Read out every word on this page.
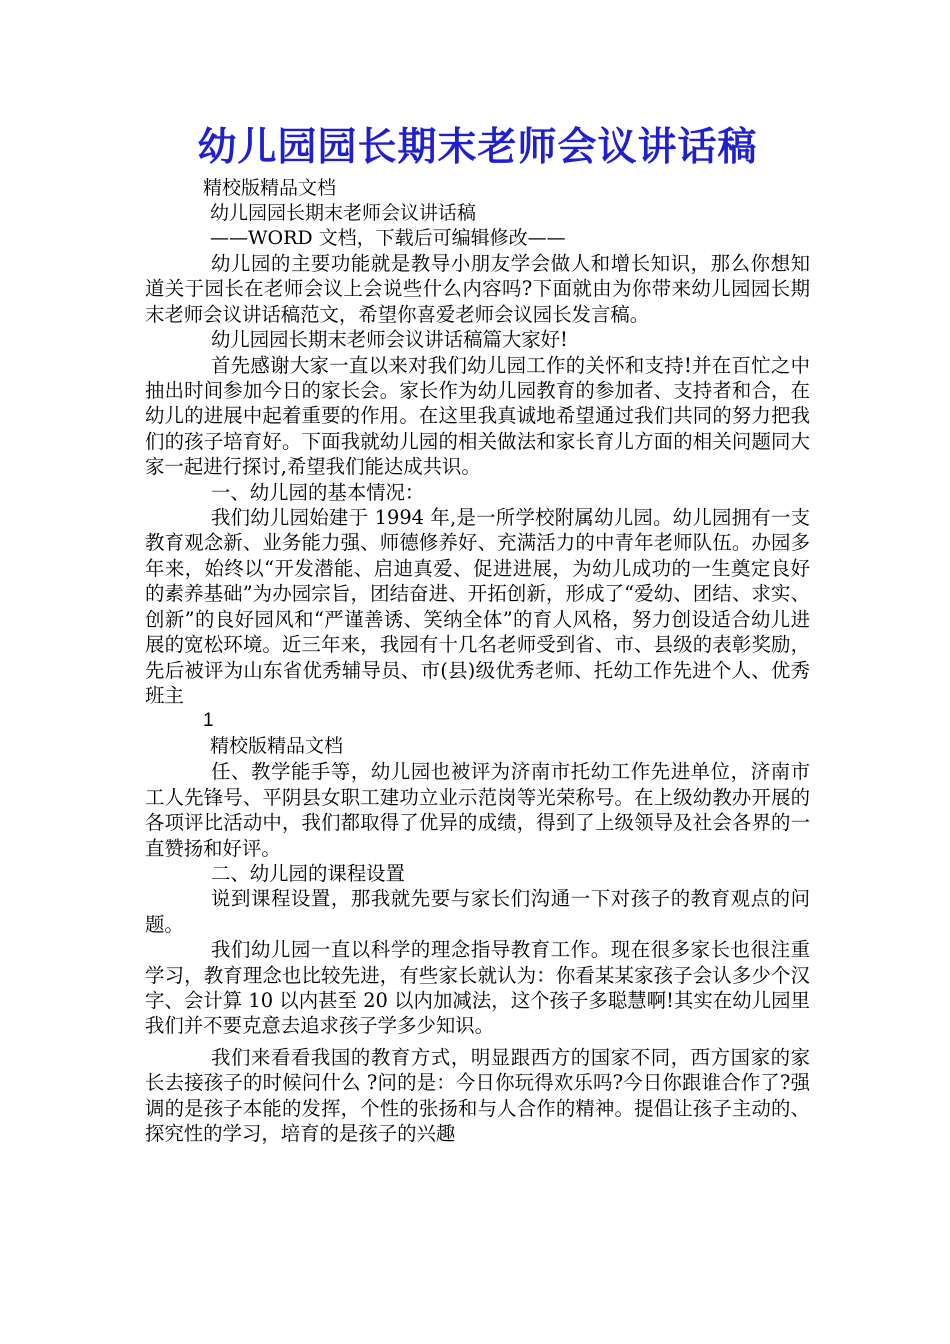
幼儿园园长期末老师会议讲话稿
精校版精品文档
幼儿园园长期末老师会议讲话稿
——WORD 文档，下载后可编辑修改——

幼儿园的主要功能就是教导小朋友学会做人和增长知识，那么你想知道关于园长在老师会议上会说些什么内容吗?下面就由为你带来幼儿园园长期末老师会议讲话稿范文，希望你喜爱老师会议园长发言稿。

幼儿园园长期末老师会议讲话稿篇大家好!

首先感谢大家一直以来对我们幼儿园工作的关怀和支持!并在百忙之中抽出时间参加今日的家长会。家长作为幼儿园教育的参加者、支持者和合，在幼儿的进展中起着重要的作用。在这里我真诚地希望通过我们共同的努力把我们的孩子培育好。下面我就幼儿园的相关做法和家长育儿方面的相关问题同大家一起进行探讨,希望我们能达成共识。

一、幼儿园的基本情况：

我们幼儿园始建于 1994 年,是一所学校附属幼儿园。幼儿园拥有一支教育观念新、业务能力强、师德修养好、充满活力的中青年老师队伍。办园多年来，始终以“开发潜能、启迪真爱、促进进展，为幼儿成功的一生奠定良好的素养基础”为办园宗旨，团结奋进、开拓创新，形成了“爱幼、团结、求实、创新”的良好园风和“严谨善诱、笑纳全体”的育人风格，努力创设适合幼儿进展的宽松环境。近三年来，我园有十几名老师受到省、市、县级的表彰奖励，先后被评为山东省优秀辅导员、市(县)级优秀老师、托幼工作先进个人、优秀班主

1
精校版精品文档

任、教学能手等，幼儿园也被评为济南市托幼工作先进单位，济南市工人先锋号、平阴县女职工建功立业示范岗等光荣称号。在上级幼教办开展的各项评比活动中，我们都取得了优异的成绩，得到了上级领导及社会各界的一直赞扬和好评。

二、幼儿园的课程设置

说到课程设置，那我就先要与家长们沟通一下对孩子的教育观点的问题。

我们幼儿园一直以科学的理念指导教育工作。现在很多家长也很注重学习，教育理念也比较先进，有些家长就认为：你看某某家孩子会认多少个汉字、会计算 10 以内甚至 20 以内加减法，这个孩子多聪慧啊!其实在幼儿园里我们并不要克意去追求孩子学多少知识。

我们来看看我国的教育方式，明显跟西方的国家不同，西方国家的家长去接孩子的时候问什么 ?问的是：今日你玩得欢乐吗?今日你跟谁合作了?强调的是孩子本能的发挥，个性的张扬和与人合作的精神。提倡让孩子主动的、探究性的学习，培育的是孩子的兴趣
